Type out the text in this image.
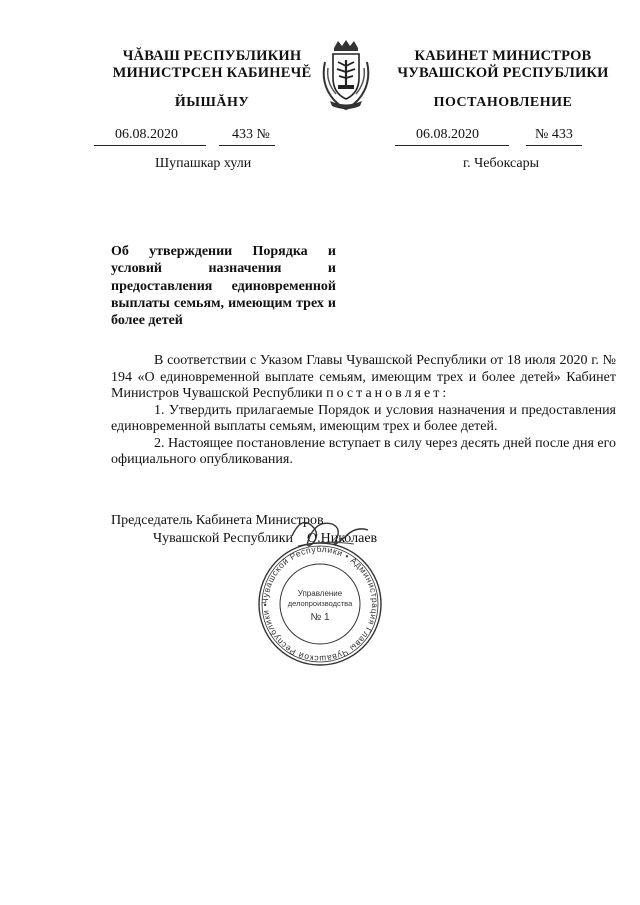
ЧĂВАШ РЕСПУБЛИКИН
МИНИСТРСЕН КАБИНЕЧĔ
ЙЫШĂНУ
КАБИНЕТ МИНИСТРОВ
ЧУВАШСКОЙ РЕСПУБЛИКИ
ПОСТАНОВЛЕНИЕ
06.08.2020	433 №	06.08.2020	№ 433
Шупашкар хули	г. Чебоксары
Об утверждении Порядка и условий назначения и предоставления единовременной выплаты семьям, имеющим трех и более детей

В соответствии с Указом Главы Чувашской Республики от 18 июля 2020 г. № 194 «О единовременной выплате семьям, имеющим трех и более детей» Кабинет Министров Чувашской Республики постановляет:

1. Утвердить прилагаемые Порядок и условия назначения и предоставления единовременной выплаты семьям, имеющим трех и более детей.

2. Настоящее постановление вступает в силу через десять дней после дня его официального опубликования.

Председатель Кабинета Министров
Чувашской Республики О.Николаев
Чувашской Республики • Администрация Главы Чувашской Республики •
Управление
делопроизводства
№ 1
